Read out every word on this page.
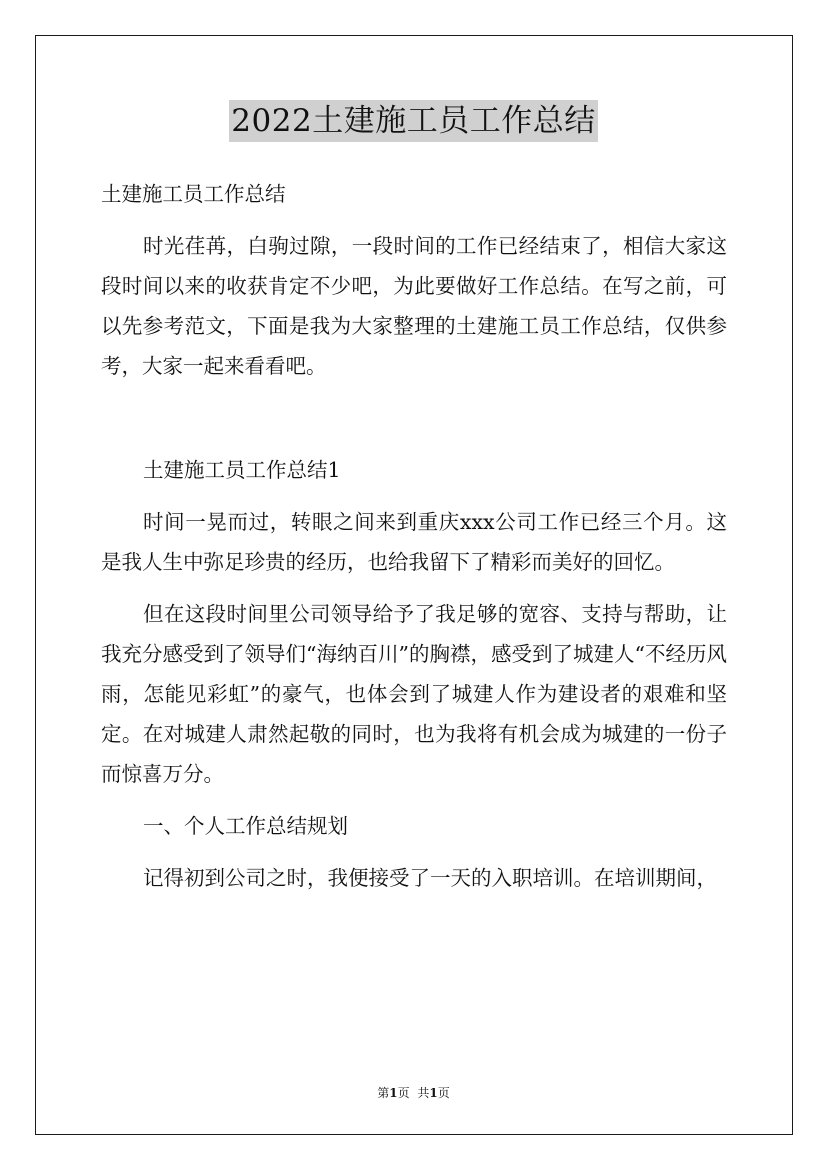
2022土建施工员工作总结

土建施工员工作总结

时光荏苒，白驹过隙，一段时间的工作已经结束了，相信大家这段时间以来的收获肯定不少吧，为此要做好工作总结。在写之前，可以先参考范文，下面是我为大家整理的土建施工员工作总结，仅供参考，大家一起来看看吧。

土建施工员工作总结1

时间一晃而过，转眼之间来到重庆xxx公司工作已经三个月。这是我人生中弥足珍贵的经历，也给我留下了精彩而美好的回忆。

但在这段时间里公司领导给予了我足够的宽容、支持与帮助，让我充分感受到了领导们“海纳百川”的胸襟，感受到了城建人“不经历风雨，怎能见彩虹”的豪气，也体会到了城建人作为建设者的艰难和坚定。在对城建人肃然起敬的同时，也为我将有机会成为城建的一份子而惊喜万分。

一、个人工作总结规划

记得初到公司之时，我便接受了一天的入职培训。在培训期间，

第1页 共1页
